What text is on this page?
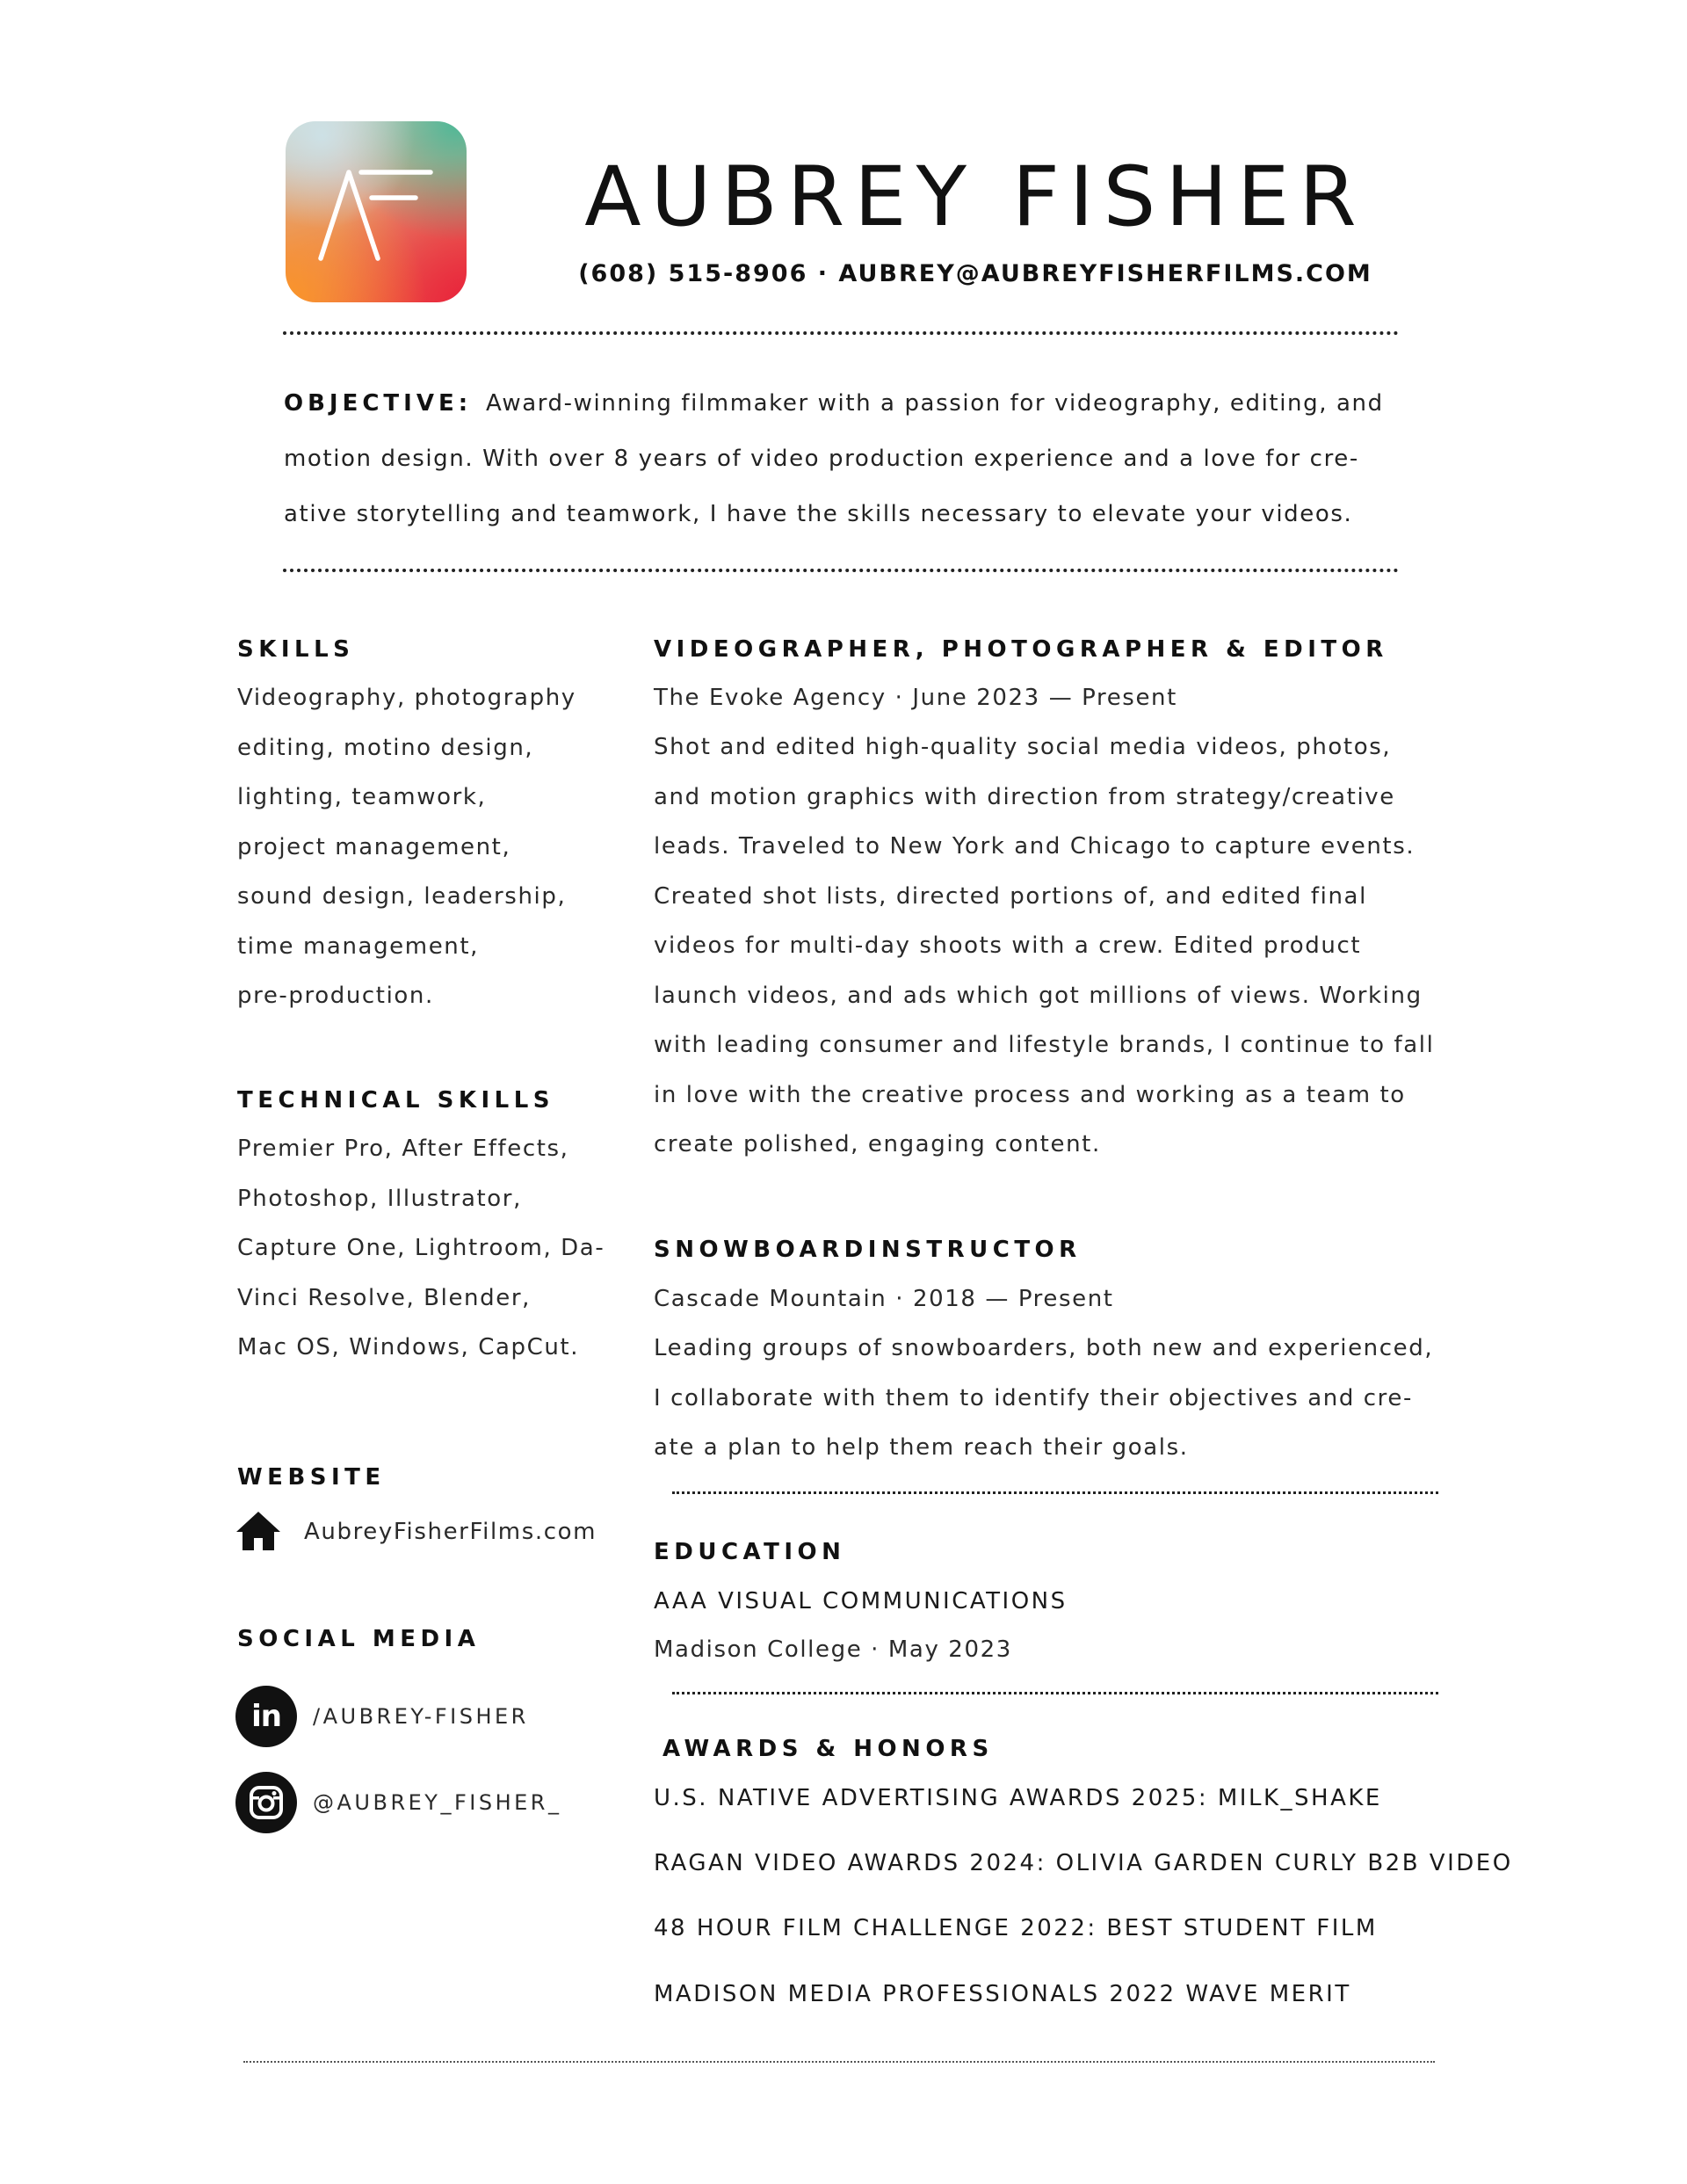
AUBREY FISHER
(608) 515-8906 · AUBREY@AUBREYFISHERFILMS.COM
OBJECTIVE: Award-winning filmmaker with a passion for videography, editing, and motion design. With over 8 years of video production experience and a love for cre- ative storytelling and teamwork, I have the skills necessary to elevate your videos.
SKILLS
Videography, photography
editing, motino design,
lighting, teamwork,
project management,
sound design, leadership,
time management,
pre-production.
TECHNICAL SKILLS
Premier Pro, After Effects,
Photoshop, Illustrator,
Capture One, Lightroom, Da-
Vinci Resolve, Blender,
Mac OS, Windows, CapCut.
WEBSITE
AubreyFisherFilms.com
SOCIAL MEDIA
in /AUBREY-FISHER
@AUBREY_FISHER_
VIDEOGRAPHER, PHOTOGRAPHER & EDITOR
The Evoke Agency · June 2023 — Present
Shot and edited high-quality social media videos, photos,
and motion graphics with direction from strategy/creative
leads. Traveled to New York and Chicago to capture events.
Created shot lists, directed portions of, and edited final
videos for multi-day shoots with a crew. Edited product
launch videos, and ads which got millions of views. Working
with leading consumer and lifestyle brands, I continue to fall
in love with the creative process and working as a team to
create polished, engaging content.
SNOWBOARDINSTRUCTOR
Cascade Mountain · 2018 — Present
Leading groups of snowboarders, both new and experienced,
I collaborate with them to identify their objectives and cre-
ate a plan to help them reach their goals.
EDUCATION
AAA VISUAL COMMUNICATIONS
Madison College · May 2023
AWARDS & HONORS
U.S. NATIVE ADVERTISING AWARDS 2025: MILK_SHAKE
RAGAN VIDEO AWARDS 2024: OLIVIA GARDEN CURLY B2B VIDEO
48 HOUR FILM CHALLENGE 2022: BEST STUDENT FILM
MADISON MEDIA PROFESSIONALS 2022 WAVE MERIT
